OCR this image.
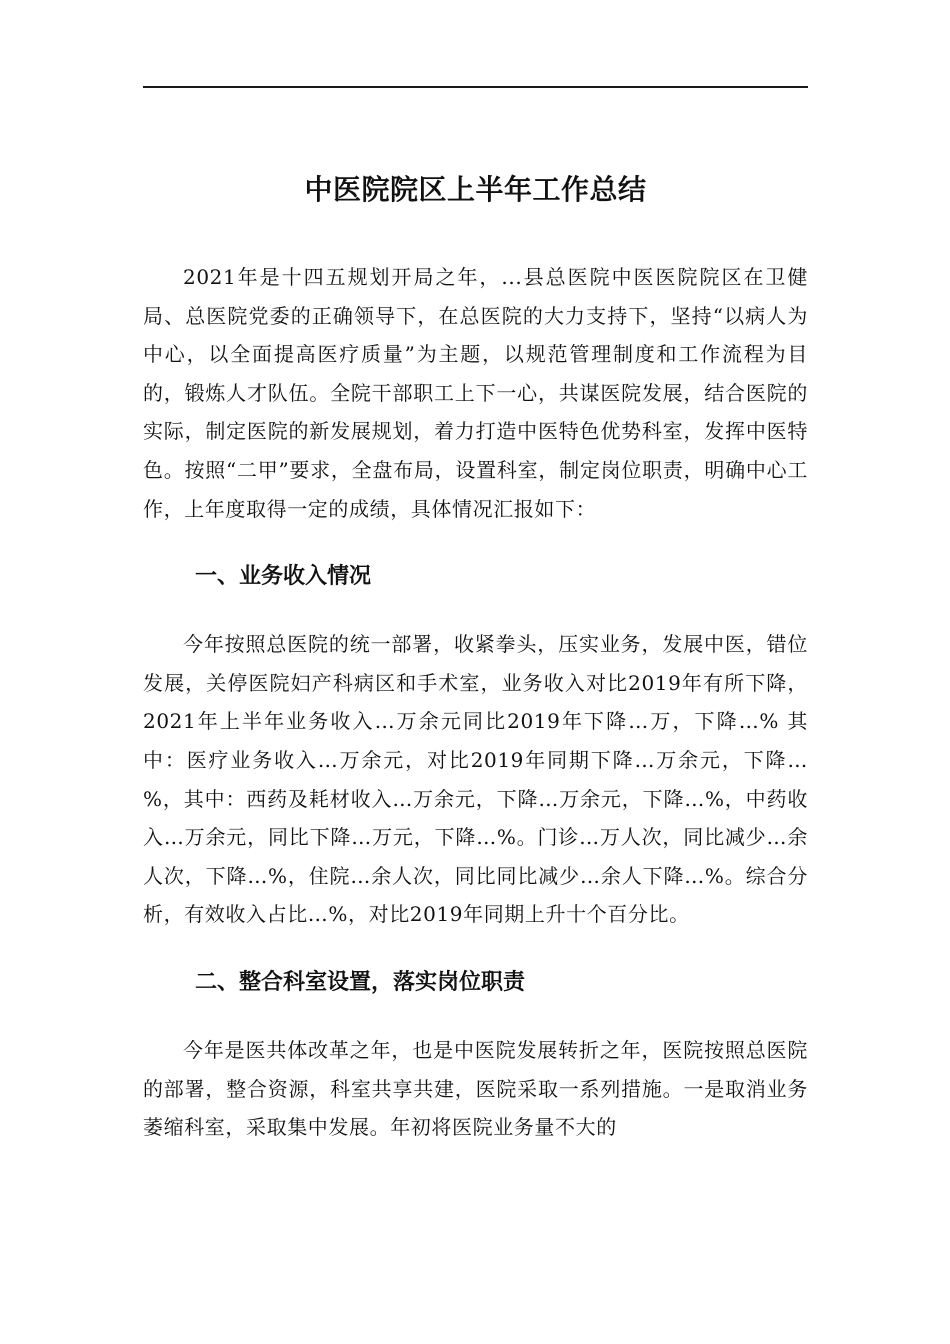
中医院院区上半年工作总结

2021年是十四五规划开局之年，...县总医院中医医院院区在卫健局、总医院党委的正确领导下，在总医院的大力支持下，坚持“以病人为中心，以全面提高医疗质量”为主题，以规范管理制度和工作流程为目的，锻炼人才队伍。全院干部职工上下一心，共谋医院发展，结合医院的实际，制定医院的新发展规划，着力打造中医特色优势科室，发挥中医特色。按照“二甲”要求，全盘布局，设置科室，制定岗位职责，明确中心工作，上年度取得一定的成绩，具体情况汇报如下：

一、业务收入情况

今年按照总医院的统一部署，收紧拳头，压实业务，发展中医，错位发展，关停医院妇产科病区和手术室，业务收入对比2019年有所下降，2021年上半年业务收入…万余元同比2019年下降…万，下降…% 其中：医疗业务收入…万余元，对比2019年同期下降…万余元，下降…%，其中：西药及耗材收入…万余元，下降…万余元，下降…%，中药收入…万余元，同比下降…万元，下降…%。门诊…万人次，同比减少…余人次，下降…%，住院…余人次，同比同比减少…余人下降…%。综合分析，有效收入占比…%，对比2019年同期上升十个百分比。

二、整合科室设置，落实岗位职责

今年是医共体改革之年，也是中医院发展转折之年，医院按照总医院的部署，整合资源，科室共享共建，医院采取一系列措施。一是取消业务萎缩科室，采取集中发展。年初将医院业务量不大的
